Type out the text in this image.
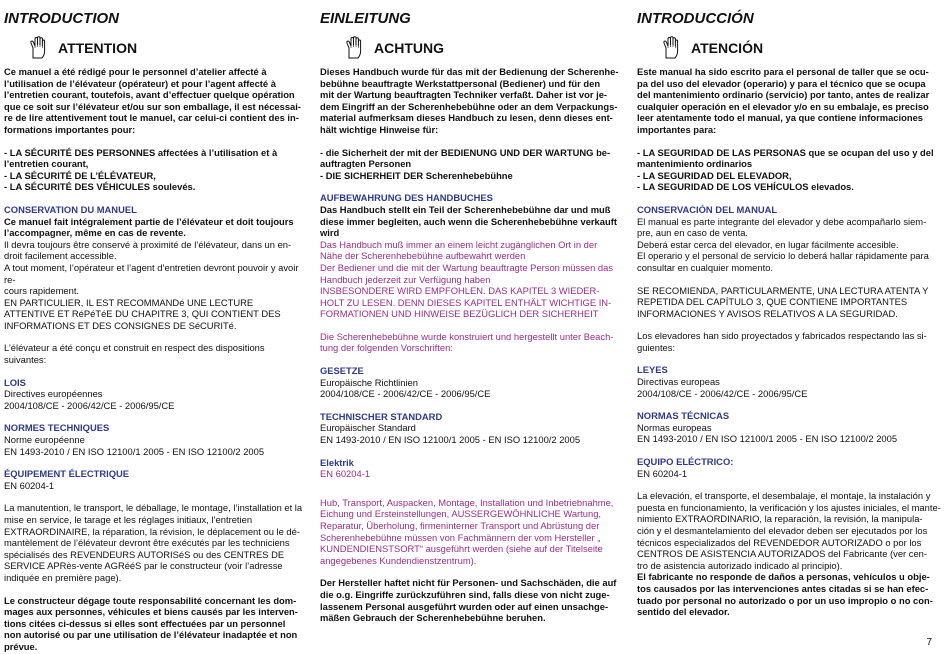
INTRODUCTION
ATTENTION

Ce manuel a été rédigé pour le personnel d’atelier affecté à
l’utilisation de l’élévateur (opérateur) et pour l’agent affecté à
l’entretien courant, toutefois, avant d’effectuer quelque opération
que ce soit sur l’élévateur et/ou sur son emballage, il est nécessai-
re de lire attentivement tout le manuel, car celui-ci contient des in-
formations importantes pour:

- LA SÉCURITÉ DES PERSONNES affectées à l’utilisation et à
l’entretien courant,
- LA SÉCURITÉ DE L’ÉLÉVATEUR,
- LA SÉCURITÉ DES VÉHICULES soulevés.

CONSERVATION DU MANUEL

Ce manuel fait intégralement partie de l’élévateur et doit toujours
l’accompagner, même en cas de revente.

Il devra toujours être conservé à proximité de l’élévateur, dans un en-
droit facilement accessible.
A tout moment, l’opérateur et l’agent d’entretien devront pouvoir y avoir re-
cours rapidement.

EN PARTICULIER, IL EST RECOMMANDé UNE LECTURE
ATTENTIVE ET RéPéTéE DU CHAPITRE 3, QUI CONTIENT DES
INFORMATIONS ET DES CONSIGNES DE SéCURITé.

L’élévateur a été conçu et construit en respect des dispositions suivantes:

LOIS

Directives européennes
2004/108/CE - 2006/42/CE - 2006/95/CE

NORMES TECHNIQUES

Norme européenne
EN 1493-2010 / EN ISO 12100/1 2005 - EN ISO 12100/2 2005

ÉQUIPEMENT ÉLECTRIQUE

EN 60204-1

La manutention, le transport, le déballage, le montage, l’installation et la
mise en service, le tarage et les réglages initiaux, l’entretien
EXTRAORDINAIRE, la réparation, la révision, le déplacement ou le dé-
mantèlement de l’élévateur devront être exécutés par les techniciens
spécialisés des REVENDEURS AUTORISéS ou des CENTRES DE
SERVICE APRès-vente AGRééS par le constructeur (voir l’adresse
indiquée en première page).

Le constructeur dégage toute responsabilité concernant les dom-
mages aux personnes, véhicules et biens causés par les interven-
tions citées ci-dessus si elles sont effectuées par un personnel
non autorisé ou par une utilisation de l’élévateur inadaptée et non
prévue.

EINLEITUNG
ACHTUNG

Dieses Handbuch wurde für das mit der Bedienung der Scherenhe-
bebühne beauftragte Werkstattpersonal (Bediener) und für den
mit der Wartung beauftragten Techniker verfaßt. Daher ist vor je-
dem Eingriff an der Scherenhebebühne oder an dem Verpackungs-
material aufmerksam dieses Handbuch zu lesen, denn dieses ent-
hält wichtige Hinweise für:

- die Sicherheit der mit der BEDIENUNG UND DER WARTUNG be-
auftragten Personen
- DIE SICHERHEIT DER Scherenhebebühne

AUFBEWAHRUNG DES HANDBUCHES

Das Handbuch stellt ein Teil der Scherenhebebühne dar und muß
diese immer begleiten, auch wenn die Scherenhebebühne verkauft
wird

Das Handbuch muß immer an einem leicht zugänglichen Ort in der
Nähe der Scherenhebebühne aufbewahrt werden
Der Bediener und die mit der Wartung beauftragte Person müssen das
Handbuch jederzeit zur Verfügung haben
INSBESONDERE WIRD EMPFOHLEN. DAS KAPITEL 3 WIEDER-
HOLT ZU LESEN. DENN DIESES KAPITEL ENTHÄLT WICHTIGE IN-
FORMATIONEN UND HINWEISE BEZÜGLICH DER SICHERHEIT

Die Scherenhebebühne wurde konstruiert und hergestellt unter Beach-
tung der folgenden Vorschriften:

GESETZE

Europäische Richtlinien
2004/108/CE - 2006/42/CE - 2006/95/CE

TECHNISCHER STANDARD

Europäischer Standard
EN 1493-2010 / EN ISO 12100/1 2005 - EN ISO 12100/2 2005

Elektrik

EN 60204-1

Hub, Transport, Auspacken, Montage, Installation und Inbetriebnahme,
Eichung und Ersteinstellungen, AUSSERGEWÖHNLICHE Wartung,
Reparatur, Überholung, firmeninterner Transport und Abrüstung der
Scherenhebebühne müssen von Fachmännern der vom Hersteller „
KUNDENDIENSTSORT“ ausgeführt werden (siehe auf der Titelseite
angegebenes Kundendienstzentrum).

Der Hersteller haftet nicht für Personen- und Sachschäden, die auf
die o.g. Eingriffe zurückzuführen sind, falls diese von nicht zuge-
lassenem Personal ausgeführt wurden oder auf einen unsachge-
mäßen Gebrauch der Scherenhebebühne beruhen.

INTRODUCCIÓN
ATENCIÓN

Este manual ha sido escrito para el personal de taller que se ocu-
pa del uso del elevador (operario) y para el técnico que se ocupa
del mantenimiento ordinario (servicio) por tanto, antes de realizar
cualquier operación en el elevador y/o en su embalaje, es preciso
leer atentamente todo el manual, ya que contiene informaciones
importantes para:

- LA SEGURIDAD DE LAS PERSONAS que se ocupan del uso y del
mantenimiento ordinarios
- LA SEGURIDAD DEL ELEVADOR,
- LA SEGURIDAD DE LOS VEHÍCULOS elevados.

CONSERVACIÓN DEL MANUAL

El manual es parte integrante del elevador y debe acompañarlo siem-
pre, aun en caso de venta.
Deberá estar cerca del elevador, en lugar fácilmente accesible.
El operario y el personal de servicio lo deberá hallar rápidamente para
consultar en cualquier momento.

SE RECOMIENDA, PARTICULARMENTE, UNA LECTURA ATENTA Y
REPETIDA DEL CAPÍTULO 3, QUE CONTIENE IMPORTANTES
INFORMACIONES Y AVISOS RELATIVOS A LA SEGURIDAD.

Los elevadores han sido proyectados y fabricados respectando las si-
guientes:

LEYES

Directivas europeas
2004/108/CE - 2006/42/CE - 2006/95/CE

NORMAS TÉCNICAS

Normas europeas
EN 1493-2010 / EN ISO 12100/1 2005 - EN ISO 12100/2 2005

EQUIPO ELÉCTRICO:

EN 60204-1

La elevación, el transporte, el desembalaje, el montaje, la instalación y
puesta en funcionamiento, la verificación y los ajustes iniciales, el mante-
nimiento EXTRAORDINARIO, la reparación, la revisión, la manipula-
ción y el desmantelamiento del elevador deben ser ejecutados por los
técnicos especializados del REVENDEDOR AUTORIZADO o por los
CENTROS DE ASISTENCIA AUTORIZADOS del Fabricante (ver cen-
tro de asistencia autorizado indicado al principio).

El fabricante no responde de daños a personas, vehículos u obje-
tos causados por las intervenciones antes citadas si se han efec-
tuado por personal no autorizado o por un uso impropio o no con-
sentido del elevador.

7
